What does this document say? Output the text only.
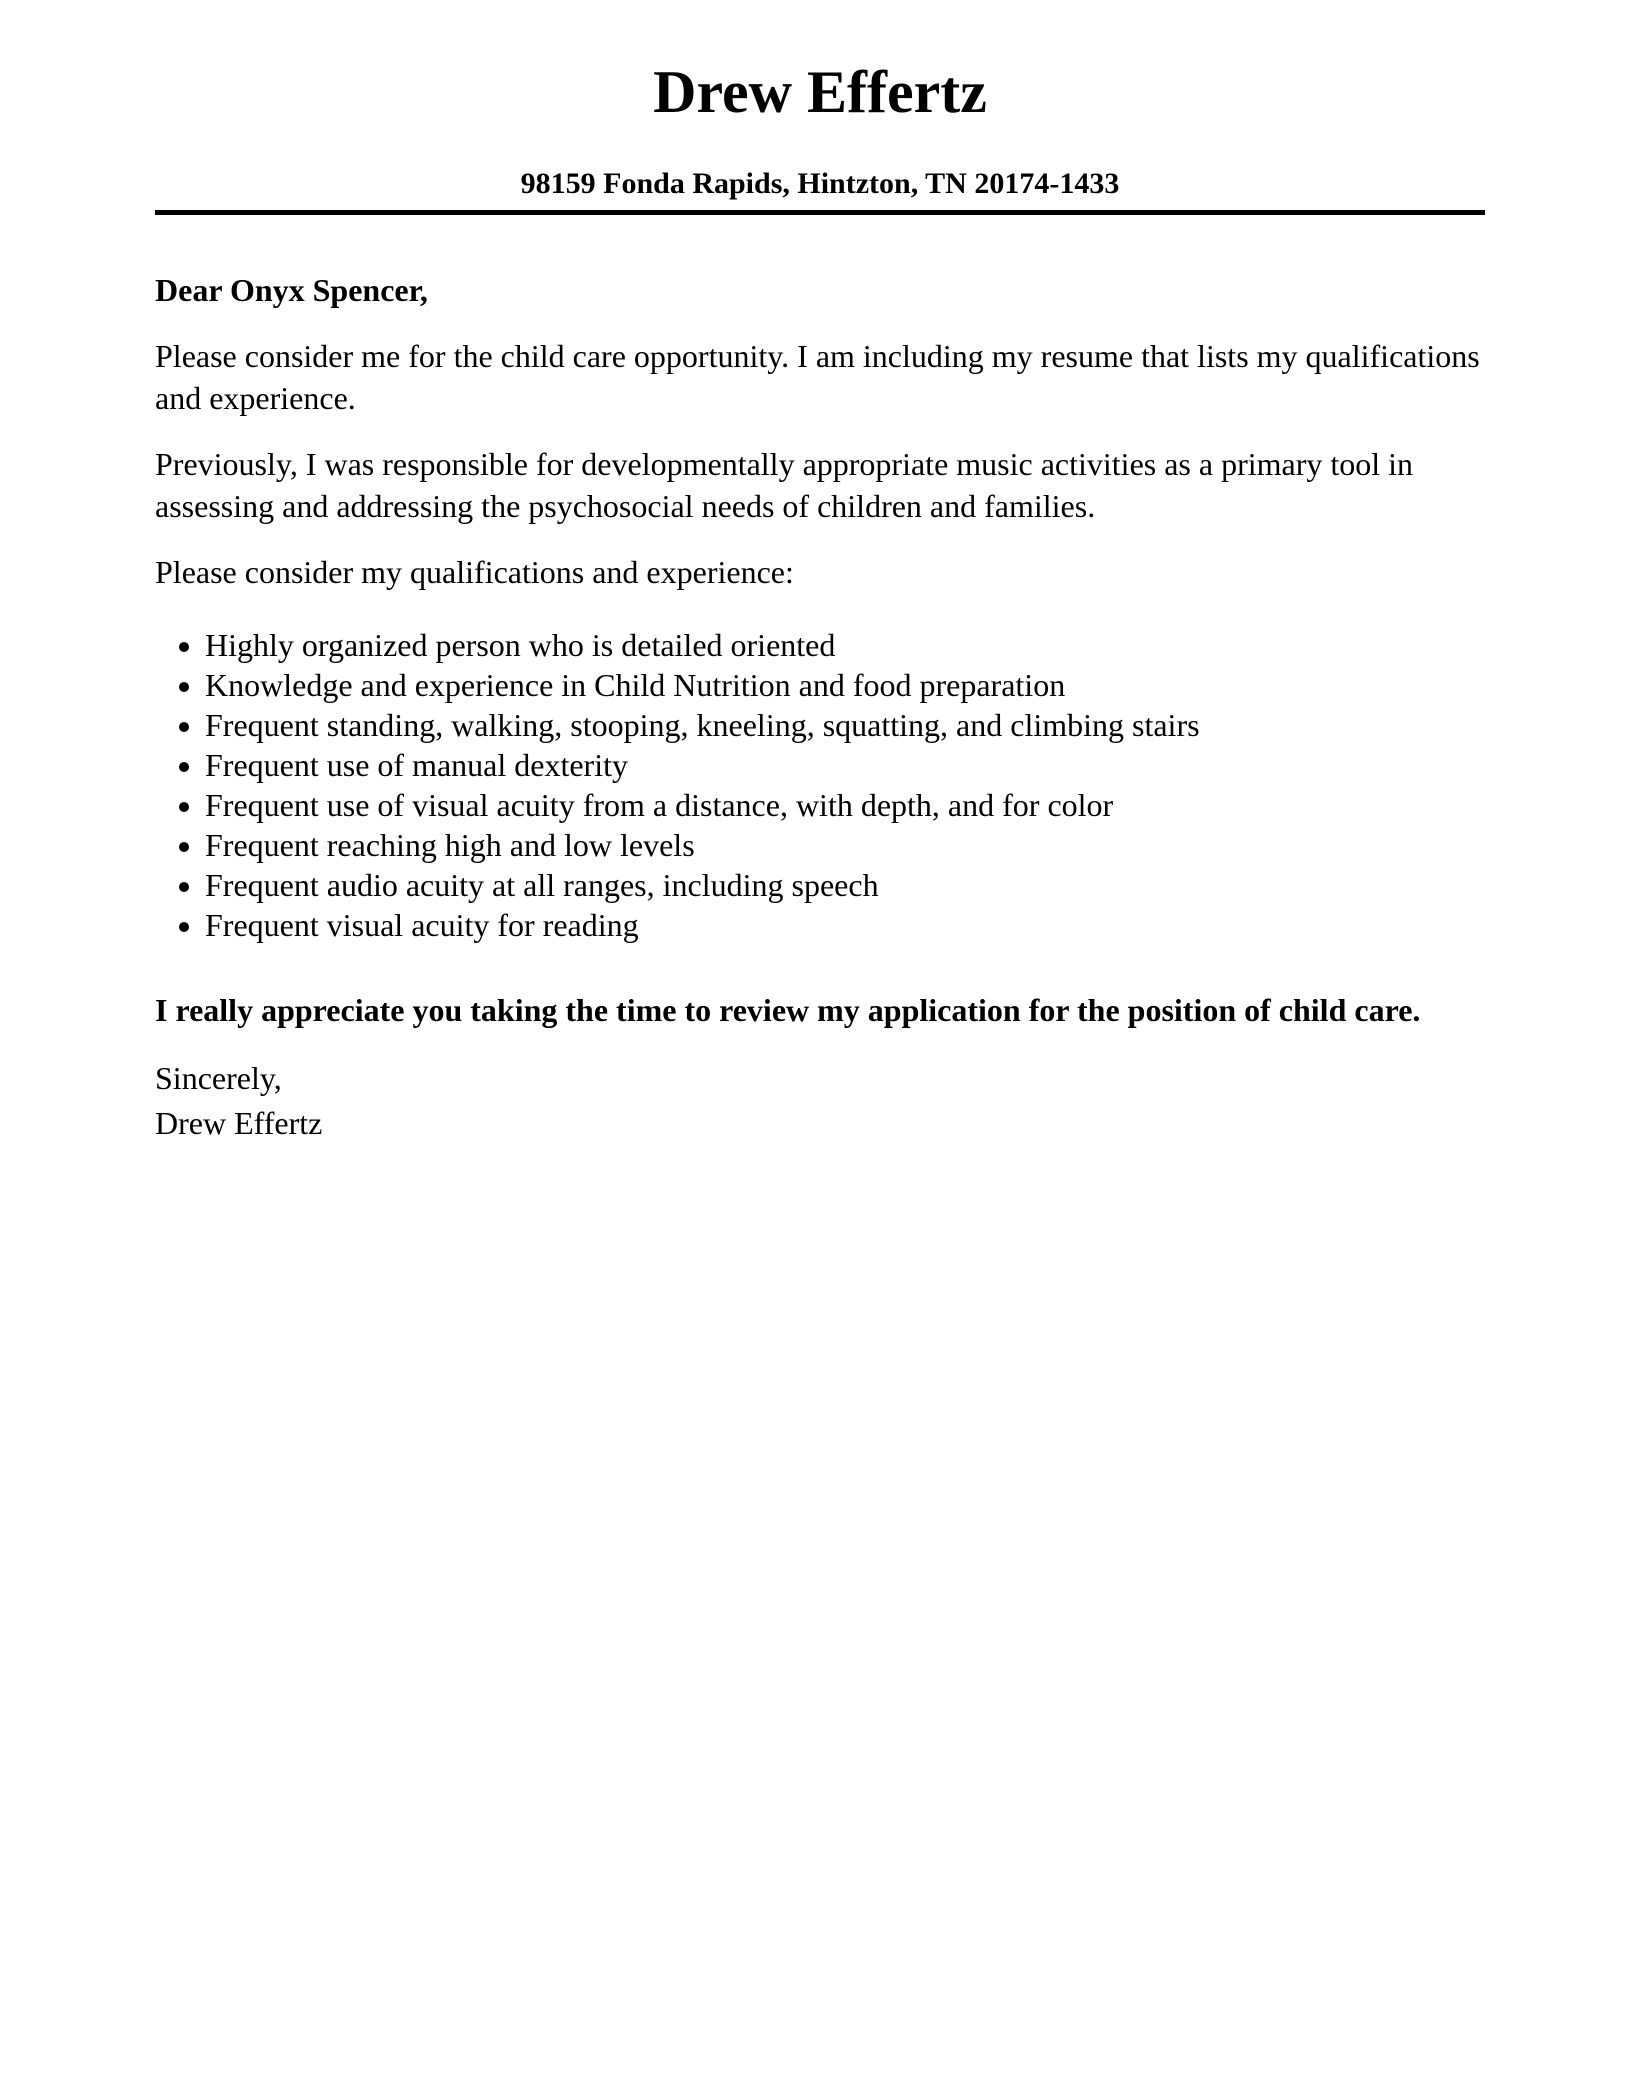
Drew Effertz
98159 Fonda Rapids, Hintzton, TN 20174-1433

Dear Onyx Spencer,

Please consider me for the child care opportunity. I am including my resume that lists my qualifications and experience.

Previously, I was responsible for developmentally appropriate music activities as a primary tool in assessing and addressing the psychosocial needs of children and families.

Please consider my qualifications and experience:

• Highly organized person who is detailed oriented
• Knowledge and experience in Child Nutrition and food preparation
• Frequent standing, walking, stooping, kneeling, squatting, and climbing stairs
• Frequent use of manual dexterity
• Frequent use of visual acuity from a distance, with depth, and for color
• Frequent reaching high and low levels
• Frequent audio acuity at all ranges, including speech
• Frequent visual acuity for reading

I really appreciate you taking the time to review my application for the position of child care.

Sincerely,

Drew Effertz
